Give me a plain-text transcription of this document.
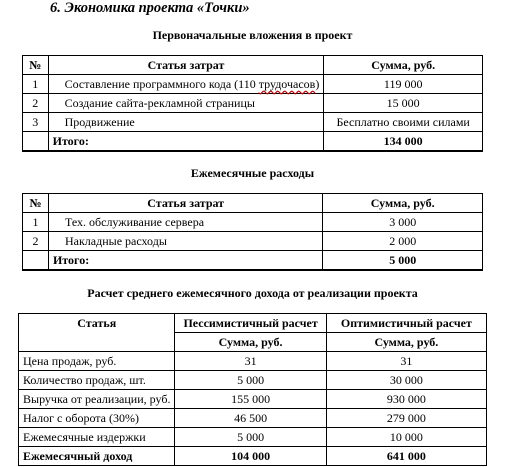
6. Экономика проекта «Точки»
Первоначальные вложения в проект
№	Статья затрат	Сумма, руб.
1	Составление программного кода (110 трудочасов)	119 000
2	Создание сайта-рекламной страницы	15 000
3	Продвижение	Бесплатно своими силами
	Итого:	134 000
Ежемесячные расходы
№	Статья затрат	Сумма, руб.
1	Тех. обслуживание сервера	3 000
2	Накладные расходы	2 000
	Итого:	5 000
Расчет среднего ежемесячного дохода от реализации проекта
Статья	Пессимистичный расчет	Оптимистичный расчет
	Сумма, руб.	Сумма, руб.
Цена продаж, руб.	31	31
Количество продаж, шт.	5 000	30 000
Выручка от реализации, руб.	155 000	930 000
Налог с оборота (30%)	46 500	279 000
Ежемесячные издержки	5 000	10 000
Ежемесячный доход	104 000	641 000
